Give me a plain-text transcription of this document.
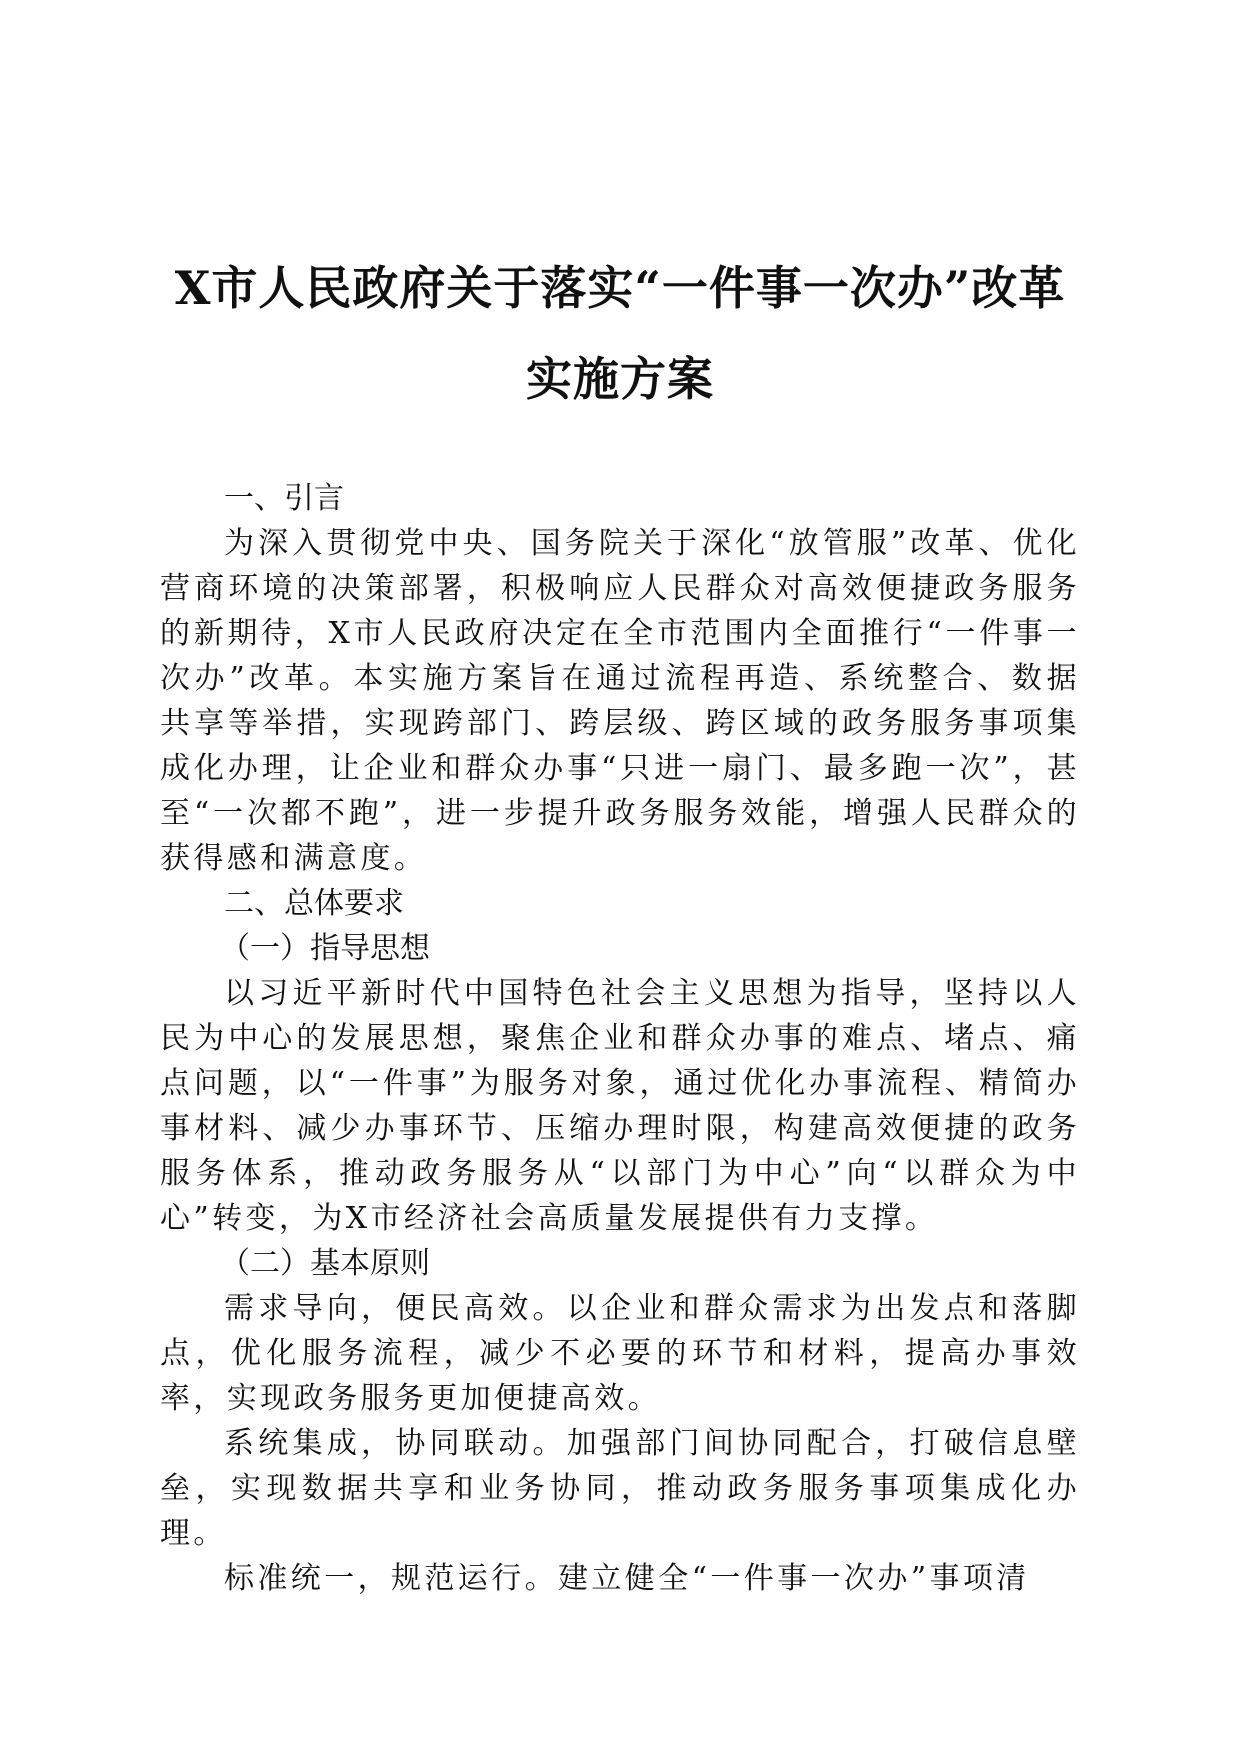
X市人民政府关于落实“一件事一次办”改革
实施方案

一、引言

为深入贯彻党中央、国务院关于深化“放管服”改革、优化营商环境的决策部署，积极响应人民群众对高效便捷政务服务的新期待，X市人民政府决定在全市范围内全面推行“一件事一次办”改革。本实施方案旨在通过流程再造、系统整合、数据共享等举措，实现跨部门、跨层级、跨区域的政务服务事项集成化办理，让企业和群众办事“只进一扇门、最多跑一次”，甚至“一次都不跑”，进一步提升政务服务效能，增强人民群众的获得感和满意度。

二、总体要求

（一）指导思想

以习近平新时代中国特色社会主义思想为指导，坚持以人民为中心的发展思想，聚焦企业和群众办事的难点、堵点、痛点问题，以“一件事”为服务对象，通过优化办事流程、精简办事材料、减少办事环节、压缩办理时限，构建高效便捷的政务服务体系，推动政务服务从“以部门为中心”向“以群众为中心”转变，为X市经济社会高质量发展提供有力支撑。

（二）基本原则

需求导向，便民高效。以企业和群众需求为出发点和落脚点，优化服务流程，减少不必要的环节和材料，提高办事效率，实现政务服务更加便捷高效。

系统集成，协同联动。加强部门间协同配合，打破信息壁垒，实现数据共享和业务协同，推动政务服务事项集成化办理。

标准统一，规范运行。建立健全“一件事一次办”事项清
